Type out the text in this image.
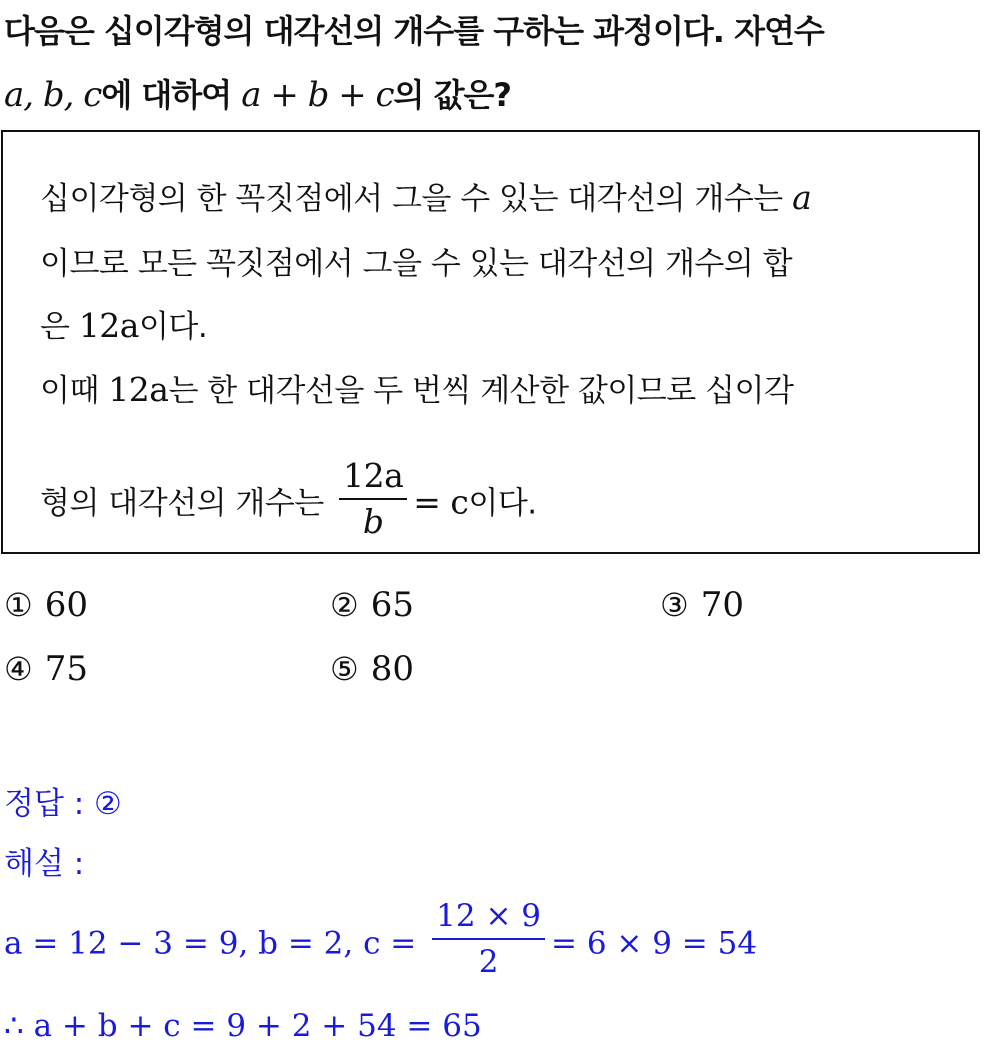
다음은 십이각형의 대각선의 개수를 구하는 과정이다. 자연수
a, b, c에 대하여 a + b + c의 값은?
십이각형의 한 꼭짓점에서 그을 수 있는 대각선의 개수는 a
이므로 모든 꼭짓점에서 그을 수 있는 대각선의 개수의 합
은 12a이다.
이때 12a는 한 대각선을 두 번씩 계산한 값이므로 십이각
형의 대각선의 개수는 $\frac{12a}{b} = c$이다.
① 60	② 65	③ 70
④ 75	⑤ 80
정답 : ②
해설 :
a = 12 − 3 = 9, b = 2, $c = \frac{12 \times 9}{2} = 6 \times 9 = 54$
∴ a + b + c = 9 + 2 + 54 = 65
